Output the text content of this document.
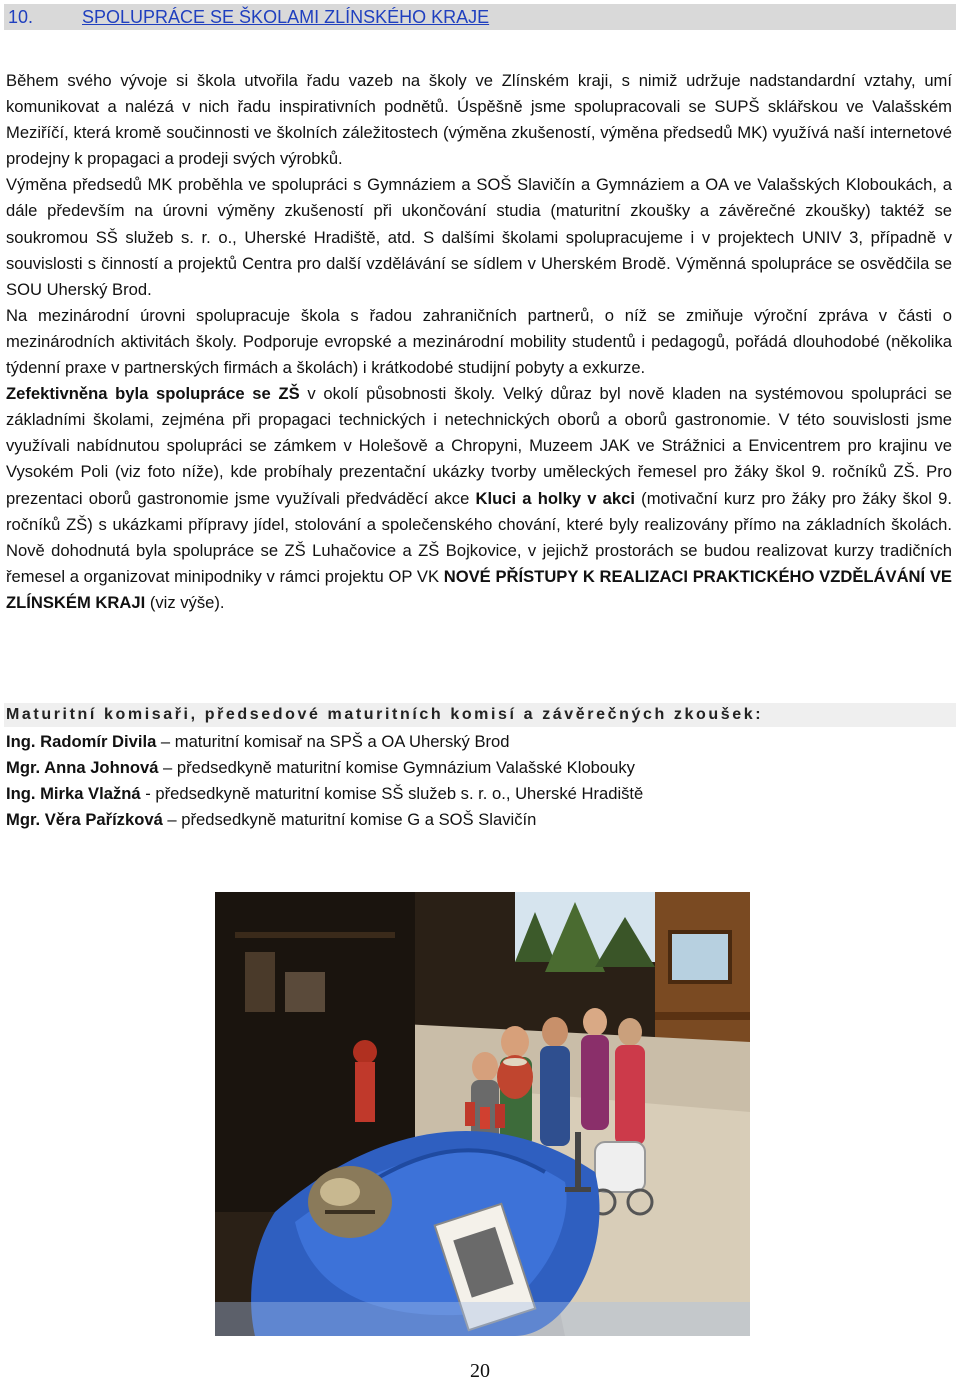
10.	SPOLUPRÁCE SE ŠKOLAMI ZLÍNSKÉHO KRAJE

Během svého vývoje si škola utvořila řadu vazeb na školy ve Zlínském kraji, s nimiž udržuje nadstandardní vztahy, umí komunikovat a nalézá v nich řadu inspirativních podnětů. Úspěšně jsme spolupracovali se SUPŠ sklářskou ve Valašském Meziříčí, která kromě součinnosti ve školních záležitostech (výměna zkušeností, výměna předsedů MK) využívá naší internetové prodejny k propagaci a prodeji svých výrobků.

Výměna předsedů MK proběhla ve spolupráci s Gymnáziem a SOŠ Slavičín a Gymnáziem a OA ve Valašských Kloboukách, a dále především na úrovni výměny zkušeností při ukončování studia (maturitní zkoušky a závěrečné zkoušky) taktéž se soukromou SŠ služeb s. r. o., Uherské Hradiště, atd. S dalšími školami spolupracujeme i v projektech UNIV 3, případně v souvislosti s činností a projektů Centra pro další vzdělávání se sídlem v Uherském Brodě. Výměnná spolupráce se osvědčila se SOU Uherský Brod.

Na mezinárodní úrovni spolupracuje škola s řadou zahraničních partnerů, o níž se zmiňuje výroční zpráva v části o mezinárodních aktivitách školy. Podporuje evropské a mezinárodní mobility studentů i pedagogů, pořádá dlouhodobé (několika týdenní praxe v partnerských firmách a školách) i krátkodobé studijní pobyty a exkurze.

Zefektivněna byla spolupráce se ZŠ v okolí působnosti školy. Velký důraz byl nově kladen na systémovou spolupráci se základními školami, zejména při propagaci technických i netechnických oborů a oborů gastronomie. V této souvislosti jsme využívali nabídnutou spolupráci se zámkem v Holešově a Chropyni, Muzeem JAK ve Strážnici a Envicentrem pro krajinu ve Vysokém Poli (viz foto níže), kde probíhaly prezentační ukázky tvorby uměleckých řemesel pro žáky škol 9. ročníků ZŠ. Pro prezentaci oborů gastronomie jsme využívali předváděcí akce Kluci a holky v akci (motivační kurz pro žáky pro žáky škol 9. ročníků ZŠ) s ukázkami přípravy jídel, stolování a společenského chování, které byly realizovány přímo na základních školách. Nově dohodnutá byla spolupráce se ZŠ Luhačovice a ZŠ Bojkovice, v jejichž prostorách se budou realizovat kurzy tradičních řemesel a organizovat minipodniky v rámci projektu OP VK NOVÉ PŘÍSTUPY K REALIZACI PRAKTICKÉHO VZDĚLÁVÁNÍ VE ZLÍNSKÉM KRAJI (viz výše).

Maturitní komisaři, předsedové maturitních komisí a závěrečných zkoušek:
Ing. Radomír Divila – maturitní komisař na SPŠ a OA Uherský Brod
Mgr. Anna Johnová – předsedkyně maturitní komise Gymnázium Valašské Klobouky
Ing. Mirka Vlažná - předsedkyně maturitní komise SŠ služeb s. r. o., Uherské Hradiště
Mgr. Věra Pařízková – předsedkyně maturitní komise G a SOŠ Slavičín
20
